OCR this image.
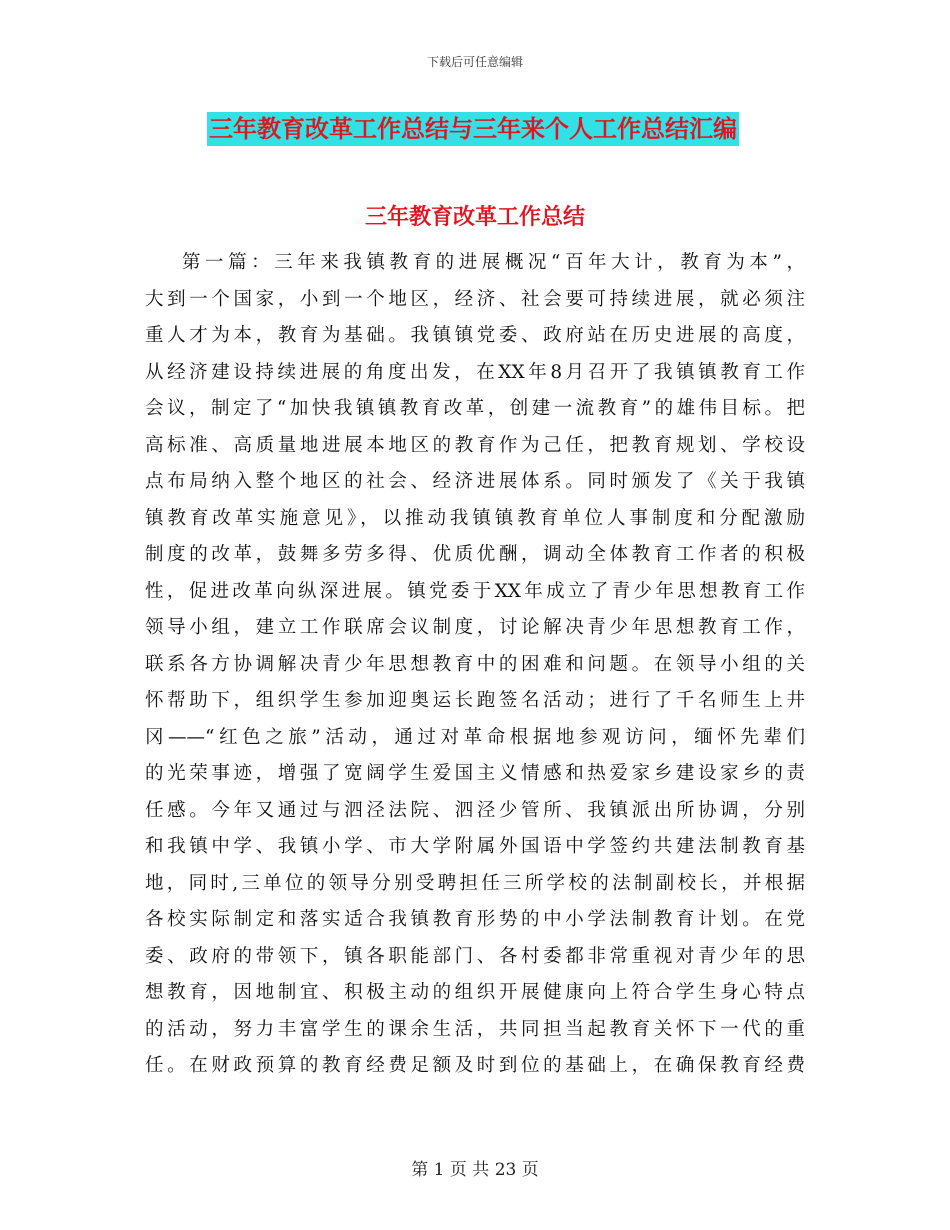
下载后可任意编辑
三年教育改革工作总结与三年来个人工作总结汇编
三年教育改革工作总结
第一篇：三年来我镇教育的进展概况“百年大计，教育为本”，
大到一个国家，小到一个地区，经济、社会要可持续进展，就必须注
重人才为本，教育为基础。我镇镇党委、政府站在历史进展的高度，
从经济建设持续进展的角度出发，在XX年8月召开了我镇镇教育工作
会议，制定了“加快我镇镇教育改革，创建一流教育”的雄伟目标。把
高标准、高质量地进展本地区的教育作为己任，把教育规划、学校设
点布局纳入整个地区的社会、经济进展体系。同时颁发了《关于我镇
镇教育改革实施意见》，以推动我镇镇教育单位人事制度和分配激励
制度的改革，鼓舞多劳多得、优质优酬，调动全体教育工作者的积极
性，促进改革向纵深进展。镇党委于XX年成立了青少年思想教育工作
领导小组，建立工作联席会议制度，讨论解决青少年思想教育工作，
联系各方协调解决青少年思想教育中的困难和问题。在领导小组的关
怀帮助下，组织学生参加迎奥运长跑签名活动；进行了千名师生上井
冈——“红色之旅”活动，通过对革命根据地参观访问，缅怀先辈们
的光荣事迹，增强了宽阔学生爱国主义情感和热爱家乡建设家乡的责
任感。今年又通过与泗泾法院、泗泾少管所、我镇派出所协调，分别
和我镇中学、我镇小学、市大学附属外国语中学签约共建法制教育基
地，同时,三单位的领导分别受聘担任三所学校的法制副校长，并根据
各校实际制定和落实适合我镇教育形势的中小学法制教育计划。在党
委、政府的带领下，镇各职能部门、各村委都非常重视对青少年的思
想教育，因地制宜、积极主动的组织开展健康向上符合学生身心特点
的活动，努力丰富学生的课余生活，共同担当起教育关怀下一代的重
任。在财政预算的教育经费足额及时到位的基础上，在确保教育经费
第 1 页 共 23 页
